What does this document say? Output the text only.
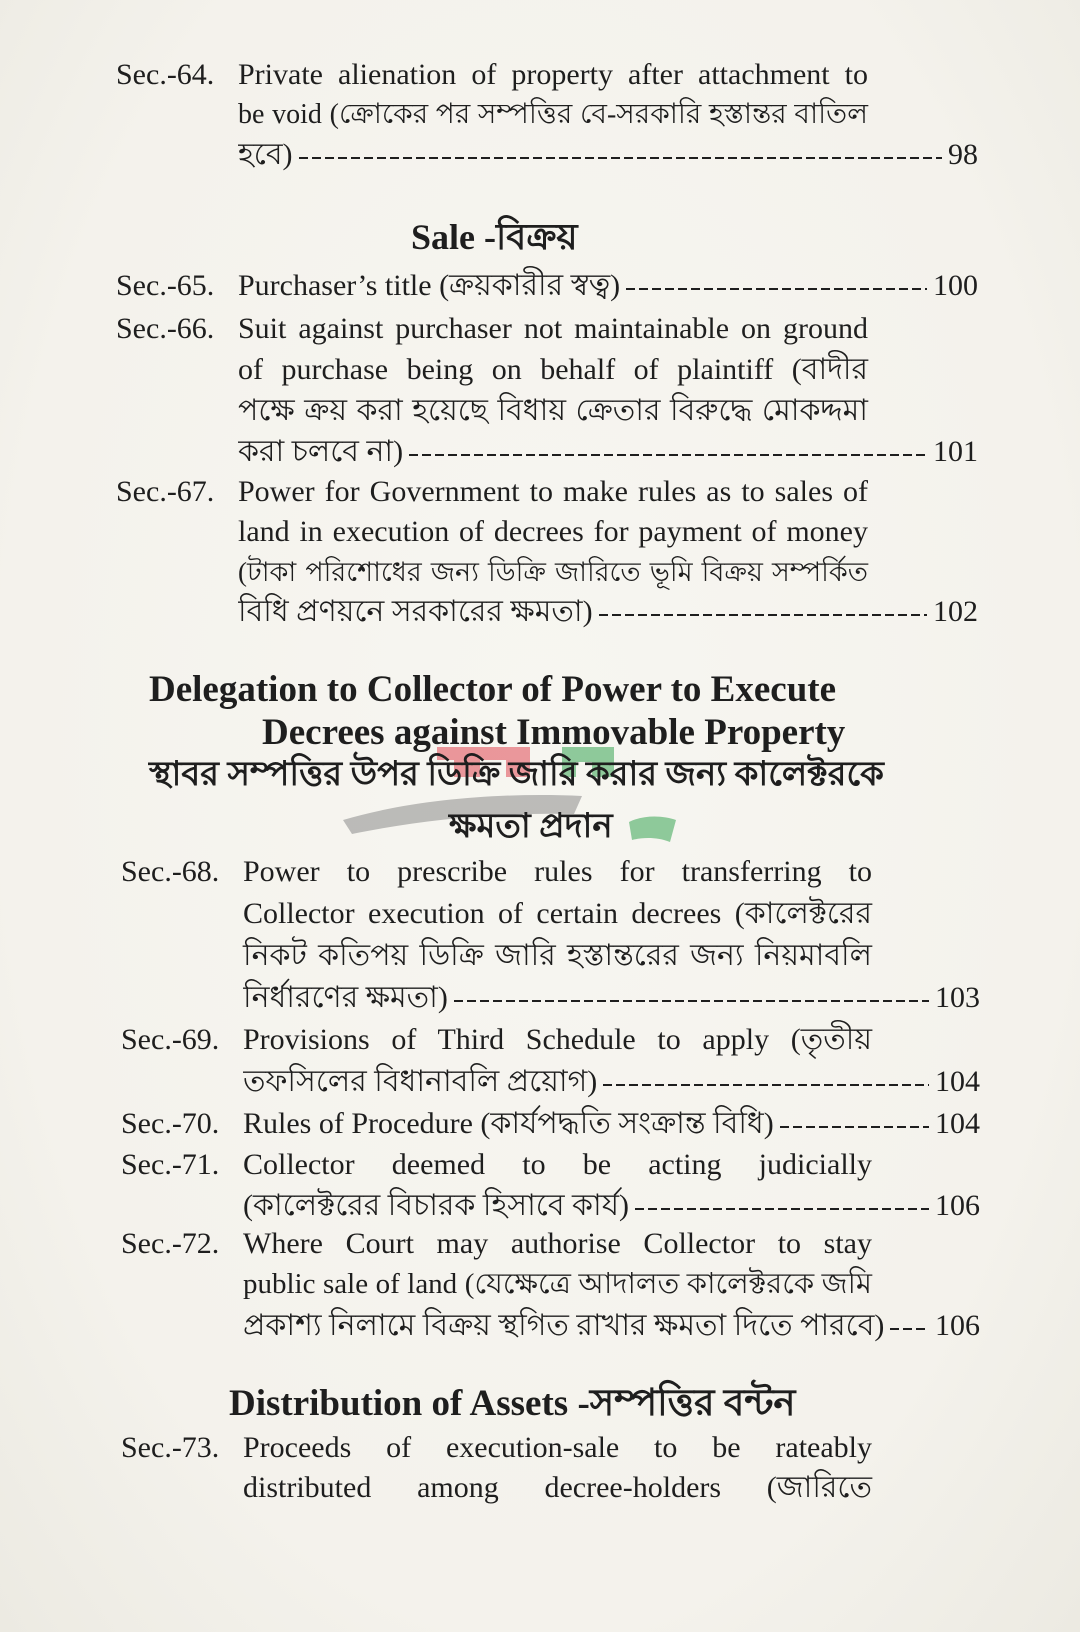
Sec.-64. Private alienation of property after attachment to
be void (ক্রোকের পর সম্পত্তির বে-সরকারি হস্তান্তর বাতিল
হবে)	98
Sale -বিক্রয়
Sec.-65. Purchaser’s title (ক্রয়কারীর স্বত্ব)	100
Sec.-66. Suit against purchaser not maintainable on ground
of purchase being on behalf of plaintiff (বাদীর
পক্ষে ক্রয় করা হয়েছে বিধায় ক্রেতার বিরুদ্ধে মোকদ্দমা
করা চলবে না)	101
Sec.-67. Power for Government to make rules as to sales of
land in execution of decrees for payment of money
(টাকা পরিশোধের জন্য ডিক্রি জারিতে ভূমি বিক্রয় সম্পর্কিত
বিধি প্রণয়নে সরকারের ক্ষমতা)	102
Delegation to Collector of Power to Execute
Decrees against Immovable Property
স্থাবর সম্পত্তির উপর ডিক্রি জারি করার জন্য কালেক্টরকে
ক্ষমতা প্রদান
Sec.-68. Power to prescribe rules for transferring to
Collector execution of certain decrees (কালেক্টরের
নিকট কতিপয় ডিক্রি জারি হস্তান্তরের জন্য নিয়মাবলি
নির্ধারণের ক্ষমতা)	103
Sec.-69. Provisions of Third Schedule to apply (তৃতীয়
তফসিলের বিধানাবলি প্রয়োগ)	104
Sec.-70. Rules of Procedure (কার্যপদ্ধতি সংক্রান্ত বিধি)	104
Sec.-71. Collector deemed to be acting judicially
(কালেক্টরের বিচারক হিসাবে কার্য)	106
Sec.-72. Where Court may authorise Collector to stay
public sale of land (যেক্ষেত্রে আদালত কালেক্টরকে জমি
প্রকাশ্য নিলামে বিক্রয় স্থগিত রাখার ক্ষমতা দিতে পারবে) 106
Distribution of Assets -সম্পত্তির বন্টন
Sec.-73. Proceeds of execution-sale to be rateably
distributed among decree-holders (জারিতে
